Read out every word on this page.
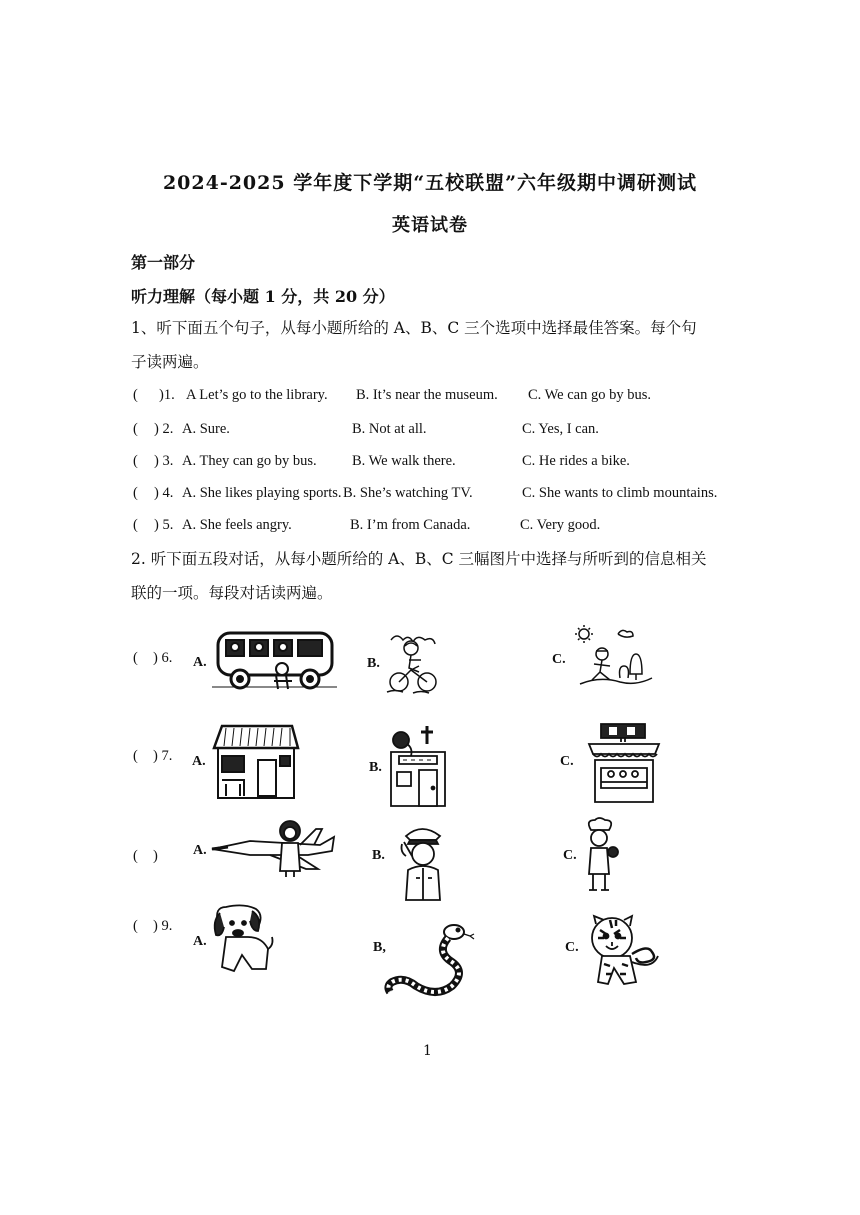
2024-2025 学年度下学期“五校联盟”六年级期中调研测试
英语试卷
第一部分
听力理解（每小题 1 分，共 20 分）
1、听下面五个句子，从每小题所给的 A、B、C 三个选项中选择最佳答案。每个句
子读两遍。
( )1. A Let’s go to the library. B. It’s near the museum. C. We can go by bus.
( ) 2. A. Sure.	B. Not at all.	C. Yes, I can.
( ) 3. A. They can go by bus. B. We walk there.	C. He rides a bike.
( ) 4. A. She likes playing sports. B. She’s watching TV.	C. She wants to climb mountains.
( ) 5. A. She feels angry.	B. I’m from Canada.	C. Very good.
2. 听下面五段对话，从每小题所给的 A、B、C 三幅图片中选择与所听到的信息相关
联的一项。每段对话读两遍。
( ) 6. A.	B.	C.
( ) 7. A.	B.	C.
( )	A.	B.	C.
( ) 9.
A.	B,	C.
1
